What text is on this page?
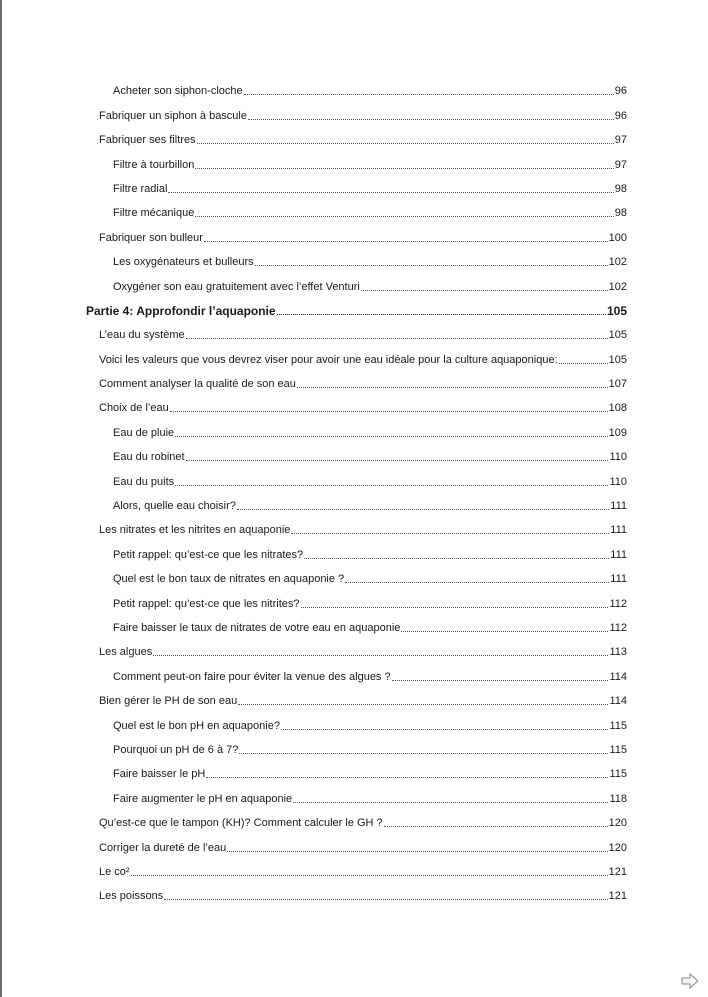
Acheter son siphon-cloche	96
Fabriquer un siphon à bascule	96
Fabriquer ses filtres	97
Filtre à tourbillon	97
Filtre radial	98
Filtre mécanique	98
Fabriquer son bulleur	100
Les oxygénateurs et bulleurs	102
Oxygéner son eau gratuitement avec l’effet Venturi	102
Partie 4: Approfondir l’aquaponie	105
L’eau du système	105
Voici les valeurs que vous devrez viser pour avoir une eau idéale pour la culture aquaponique:	105
Comment analyser la qualité de son eau	107
Choix de l’eau	108
Eau de pluie	109
Eau du robinet	110
Eau du puits	110
Alors, quelle eau choisir?	111
Les nitrates et les nitrites en aquaponie	111
Petit rappel: qu’est-ce que les nitrates?	111
Quel est le bon taux de nitrates en aquaponie ?	111
Petit rappel: qu’est-ce que les nitrites?	112
Faire baisser le taux de nitrates de votre eau en aquaponie	112
Les algues	113
Comment peut-on faire pour éviter la venue des algues ?	114
Bien gérer le PH de son eau	114
Quel est le bon pH en aquaponie?	115
Pourquoi un pH de 6 à 7?	115
Faire baisser le pH	115
Faire augmenter le pH en aquaponie	118
Qu’est-ce que le tampon (KH)? Comment calculer le GH ?	120
Corriger la dureté de l’eau	120
Le co²	121
Les poissons	121
